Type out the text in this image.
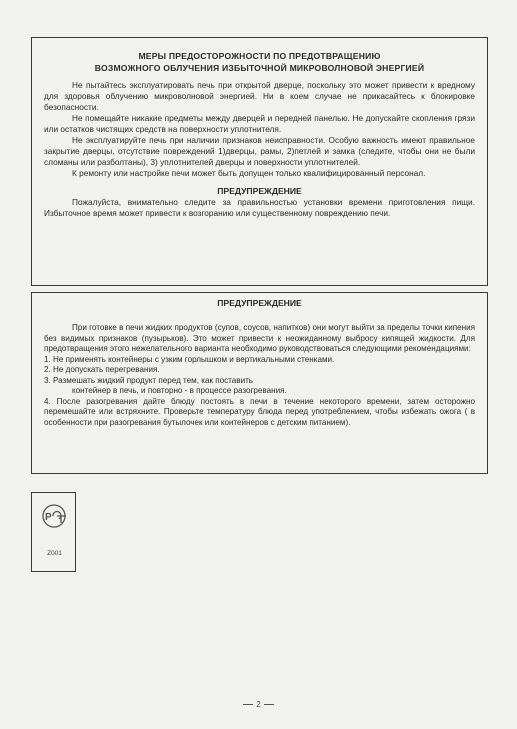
МЕРЫ ПРЕДОСТОРОЖНОСТИ ПО ПРЕДОТВРАЩЕНИЮ

ВОЗМОЖНОГО ОБЛУЧЕНИЯ ИЗБЫТОЧНОЙ МИКРОВОЛНОВОЙ ЭНЕРГИЕЙ

Не пытайтесь эксплуатировать печь при открытой дверце, поскольку это может привести к вредному для здоровья облучению микроволновой энергией. Ни в коем случае не прикасайтесь к блокировке безопасности.

Не помещайте никакие предметы между дверцей и передней панелью. Не допускайте скопления грязи или остатков чистящих средств на поверхности уплотнителя.

Не эксплуатируйте печь при наличии признаков неисправности. Особую важность имеют правильное закрытие дверцы, отсутствие повреждений 1)дверцы, рамы, 2)петлей и замка (следите, чтобы они не были сломаны или разболтаны), 3) уплотнителей дверцы и поверхности уплотнителей.

К ремонту или настройке печи может быть допущен только квалифицированный персонал.

ПРЕДУПРЕЖДЕНИЕ

Пожалуйста, внимательно следите за правильностью установки времени приготовления пищи. Избыточное время может привести к возгоранию или существенному повреждению печи.

ПРЕДУПРЕЖДЕНИЕ

При готовке в печи жидких продуктов (супов, соусов, напитков) они могут выйти за пределы точки кипения без видимых признаков (пузырьков). Это может привести к неожиданному выбросу кипящей жидкости. Для предотвращения этого нежелательного варианта необходимо руководствоваться следующими рекомендациями:

1. Не применять контейнеры с узким горлышком и вертикальными стенками.

2. Не допускать перегревания.

3. Размешать жидкий продукт перед тем, как поставить

контейнер в печь, и повторно - в процессе разогревания.

4. После разогревания дайте блюду постоять в печи в течение некоторого времени, затем осторожно перемешайте или встряхните. Проверьте температуру блюда перед употреблением, чтобы избежать ожога ( в особенности при разогревания бутылочек или контейнеров с детским питанием).

P
Z001
2
